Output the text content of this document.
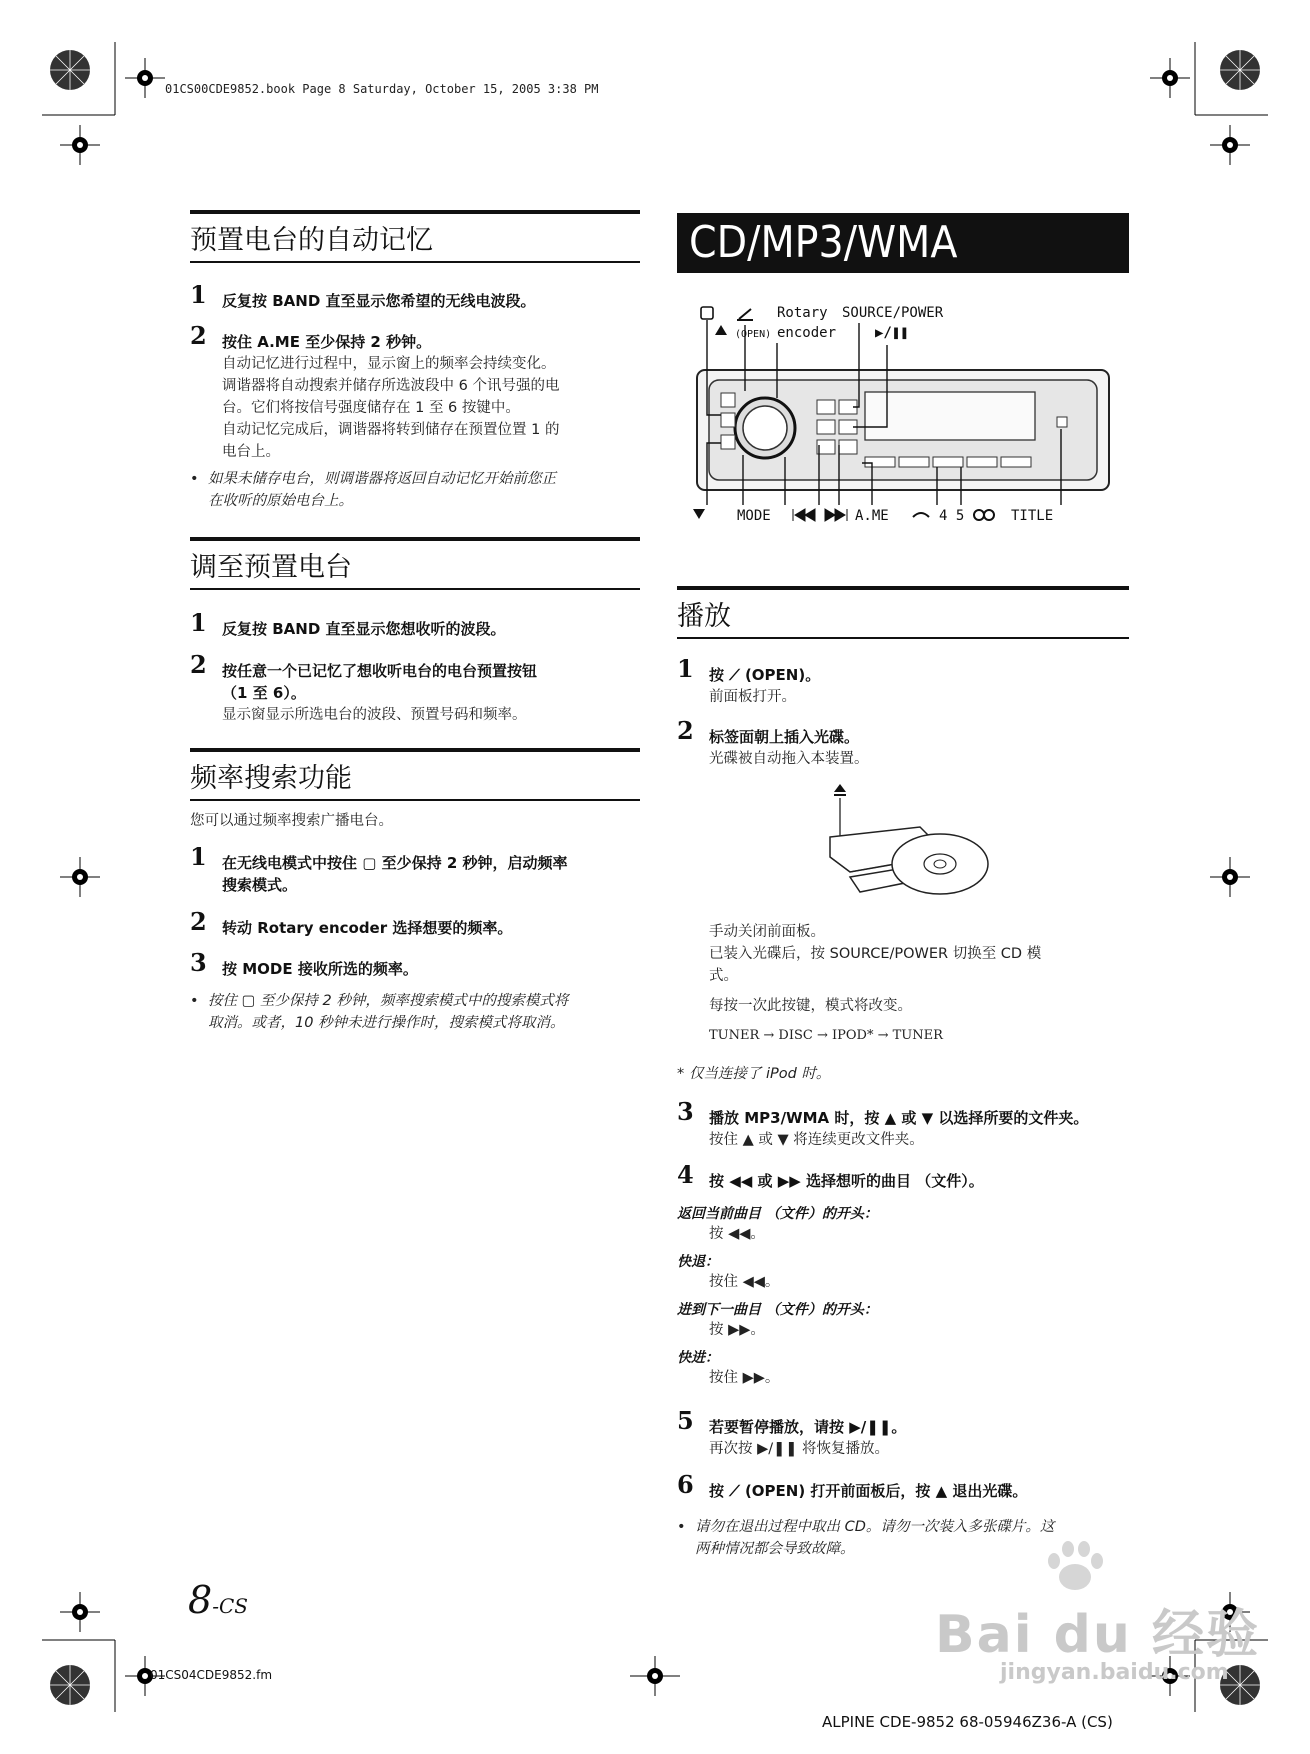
01CS00CDE9852.book Page 8 Saturday, October 15, 2005 3:38 PM
预置电台的自动记忆
1 反复按 BAND 直至显示您希望的无线电波段。
2 按住 A.ME 至少保持 2 秒钟。
自动记忆进行过程中，显示窗上的频率会持续变化。
调谐器将自动搜索并储存所选波段中 6 个讯号强的电
台。它们将按信号强度储存在 1 至 6 按键中。
自动记忆完成后，调谐器将转到储存在预置位置 1 的
电台上。
• 如果未储存电台，则调谐器将返回自动记忆开始前您正
在收听的原始电台上。
调至预置电台
1 反复按 BAND 直至显示您想收听的波段。
2 按任意一个已记忆了想收听电台的电台预置按钮
（1 至 6）。
显示窗显示所选电台的波段、预置号码和频率。
频率搜索功能
您可以通过频率搜索广播电台。
1 在无线电模式中按住 ▢ 至少保持 2 秒钟，启动频率
搜索模式。
2 转动 Rotary encoder 选择想要的频率。
3 按 MODE 接收所选的频率。
• 按住 ▢ 至少保持 2 秒钟，频率搜索模式中的搜索模式将
取消。或者，10 秒钟未进行操作时，搜索模式将取消。
8-CS
CD/MP3/WMA
Rotary
encoder
SOURCE/POWER
▶/❚❚
(OPEN)
MODE	A.ME	4 5	TITLE
播放
1 按 ⟋ (OPEN)。
前面板打开。
2 标签面朝上插入光碟。
光碟被自动拖入本装置。
手动关闭前面板。
已装入光碟后，按 SOURCE/POWER 切换至 CD 模
式。
每按一次此按键，模式将改变。
TUNER → DISC → IPOD* → TUNER
* 仅当连接了 iPod 时。
3 播放 MP3/WMA 时，按 ▲ 或 ▼ 以选择所要的文件夹。
按住 ▲ 或 ▼ 将连续更改文件夹。
4 按 ◀◀ 或 ▶▶ 选择想听的曲目 （文件）。
返回当前曲目 （文件）的开头：
按 ◀◀。
快退：
按住 ◀◀。
进到下一曲目 （文件）的开头：
按 ▶▶。
快进：
按住 ▶▶。
5 若要暂停播放，请按 ▶/❚❚。
再次按 ▶/❚❚ 将恢复播放。
6 按 ⟋ (OPEN) 打开前面板后，按 ▲ 退出光碟。
• 请勿在退出过程中取出 CD。请勿一次装入多张碟片。这
两种情况都会导致故障。
01CS04CDE9852.fm
ALPINE CDE-9852 68-05946Z36-A (CS)
Bai du 经验
jingyan.baidu.com
